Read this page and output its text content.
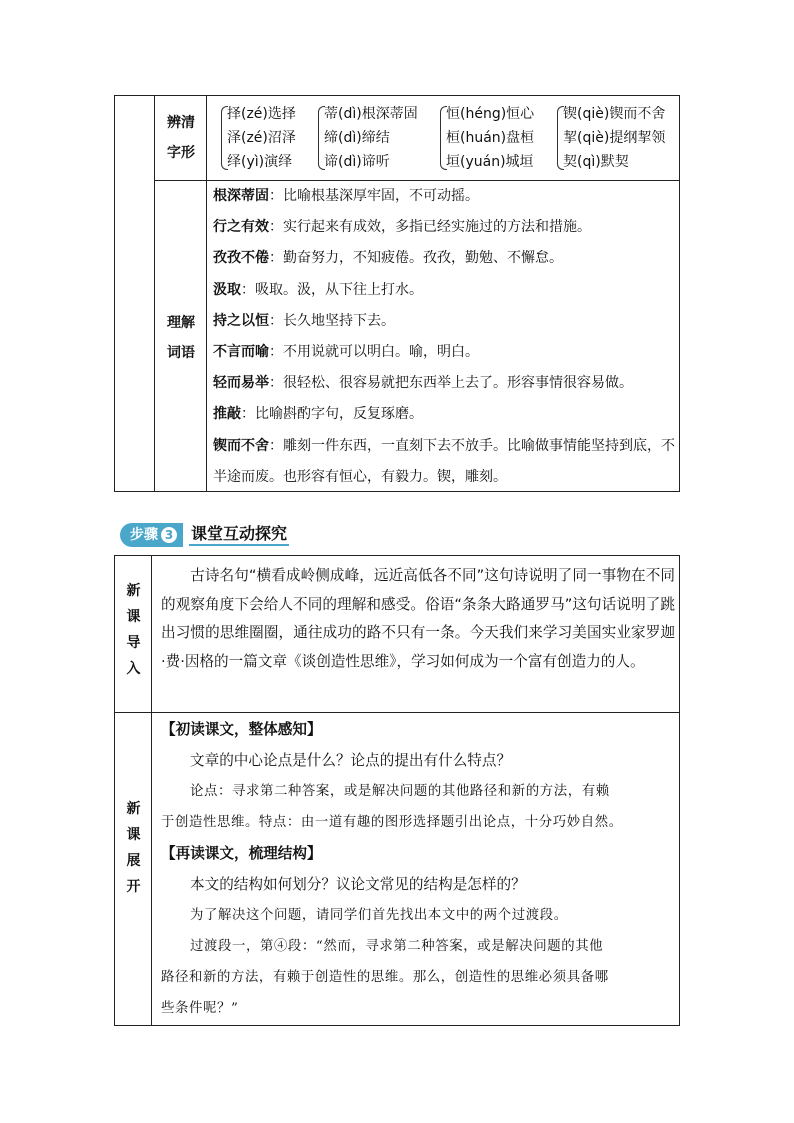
辨清
字形
理解
词语
择(zé)选择
泽(zé)沼泽
绎(yì)演绎
蒂(dì)根深蒂固
缔(dì)缔结
谛(dì)谛听
恒(héng)恒心
桓(huán)盘桓
垣(yuán)城垣
锲(qiè)锲而不舍
挈(qiè)提纲挈领
契(qì)默契
根深蒂固：比喻根基深厚牢固，不可动摇。
行之有效：实行起来有成效，多指已经实施过的方法和措施。
孜孜不倦：勤奋努力，不知疲倦。孜孜，勤勉、不懈怠。
汲取：吸取。汲，从下往上打水。
持之以恒：长久地坚持下去。
不言而喻：不用说就可以明白。喻，明白。
轻而易举：很轻松、很容易就把东西举上去了。形容事情很容易做。
推敲：比喻斟酌字句，反复琢磨。
锲而不舍：雕刻一件东西，一直刻下去不放手。比喻做事情能坚持到底，不半途而废。也形容有恒心，有毅力。锲，雕刻。
步骤 3 课堂互动探究
新
课
导
入
古诗名句“横看成岭侧成峰，远近高低各不同”这句诗说明了同一事物在不同的观察角度下会给人不同的理解和感受。俗语“条条大路通罗马”这句话说明了跳出习惯的思维圈圈，通往成功的路不只有一条。今天我们来学习美国实业家罗迦·费·因格的一篇文章《谈创造性思维》，学习如何成为一个富有创造力的人。
新
课
展
开
【初读课文，整体感知】
文章的中心论点是什么？论点的提出有什么特点？
论点：寻求第二种答案，或是解决问题的其他路径和新的方法，有赖
于创造性思维。特点：由一道有趣的图形选择题引出论点，十分巧妙自然。
【再读课文，梳理结构】
本文的结构如何划分？议论文常见的结构是怎样的？
为了解决这个问题，请同学们首先找出本文中的两个过渡段。
过渡段一，第④段：“然而，寻求第二种答案，或是解决问题的其他
路径和新的方法，有赖于创造性的思维。那么，创造性的思维必须具备哪
些条件呢？”
